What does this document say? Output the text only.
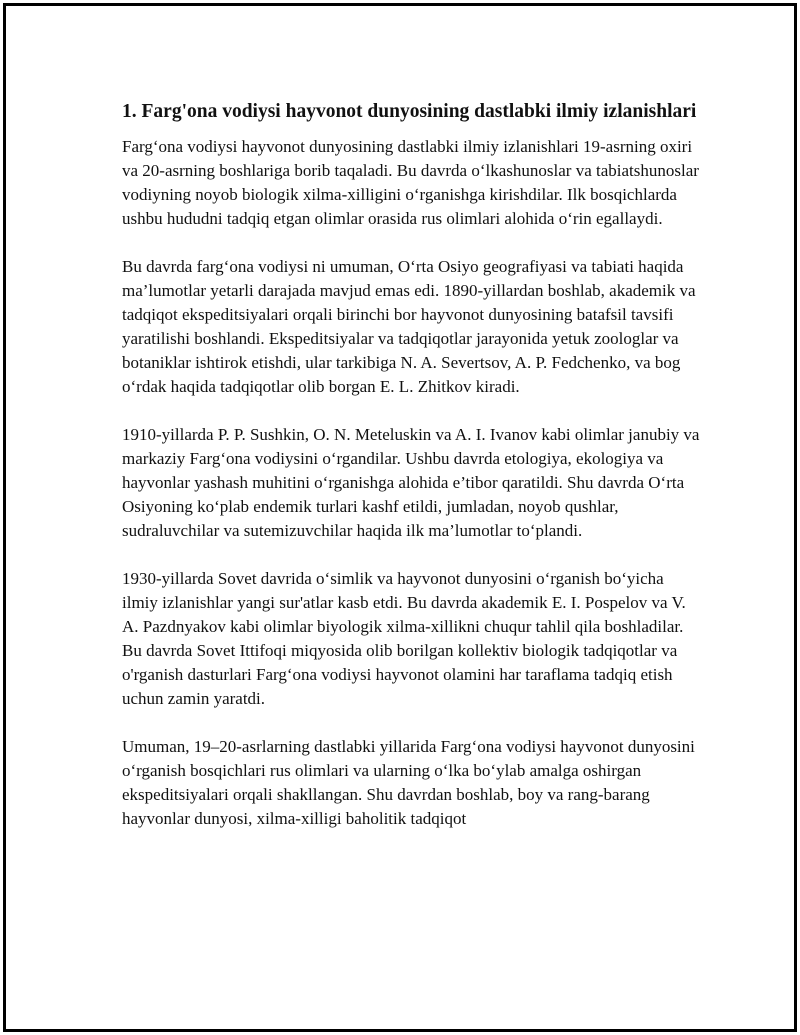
1. Farg'ona vodiysi hayvonot dunyosining dastlabki ilmiy izlanishlari

Farg‘ona vodiysi hayvonot dunyosining dastlabki ilmiy izlanishlari 19-asrning oxiri va 20-asrning boshlariga borib taqaladi. Bu davrda o‘lkashunoslar va tabiatshunoslar vodiyning noyob biologik xilma-xilligini o‘rganishga kirishdilar. Ilk bosqichlarda ushbu hududni tadqiq etgan olimlar orasida rus olimlari alohida o‘rin egallaydi.

Bu davrda farg‘ona vodiysi ni umuman, O‘rta Osiyo geografiyasi va tabiati haqida ma’lumotlar yetarli darajada mavjud emas edi. 1890-yillardan boshlab, akademik va tadqiqot ekspeditsiyalari orqali birinchi bor hayvonot dunyosining batafsil tavsifi yaratilishi boshlandi. Ekspeditsiyalar va tadqiqotlar jarayonida yetuk zoologlar va botaniklar ishtirok etishdi, ular tarkibiga N. A. Severtsov, A. P. Fedchenko, va bog o‘rdak haqida tadqiqotlar olib borgan E. L. Zhitkov kiradi.

1910-yillarda P. P. Sushkin, O. N. Meteluskin va A. I. Ivanov kabi olimlar janubiy va markaziy Farg‘ona vodiysini o‘rgandilar. Ushbu davrda etologiya, ekologiya va hayvonlar yashash muhitini o‘rganishga alohida e’tibor qaratildi. Shu davrda O‘rta Osiyoning ko‘plab endemik turlari kashf etildi, jumladan, noyob qushlar, sudraluvchilar va sutemizuvchilar haqida ilk ma’lumotlar to‘plandi.

1930-yillarda Sovet davrida o‘simlik va hayvonot dunyosini o‘rganish bo‘yicha ilmiy izlanishlar yangi sur'atlar kasb etdi. Bu davrda akademik E. I. Pospelov va V. A. Pazdnyakov kabi olimlar biyologik xilma-xillikni chuqur tahlil qila boshladilar. Bu davrda Sovet Ittifoqi miqyosida olib borilgan kollektiv biologik tadqiqotlar va o'rganish dasturlari Farg‘ona vodiysi hayvonot olamini har taraflama tadqiq etish uchun zamin yaratdi.

Umuman, 19–20-asrlarning dastlabki yillarida Farg‘ona vodiysi hayvonot dunyosini o‘rganish bosqichlari rus olimlari va ularning o‘lka bo‘ylab amalga oshirgan ekspeditsiyalari orqali shakllangan. Shu davrdan boshlab, boy va rang-barang hayvonlar dunyosi, xilma-xilligi baholitik tadqiqot
